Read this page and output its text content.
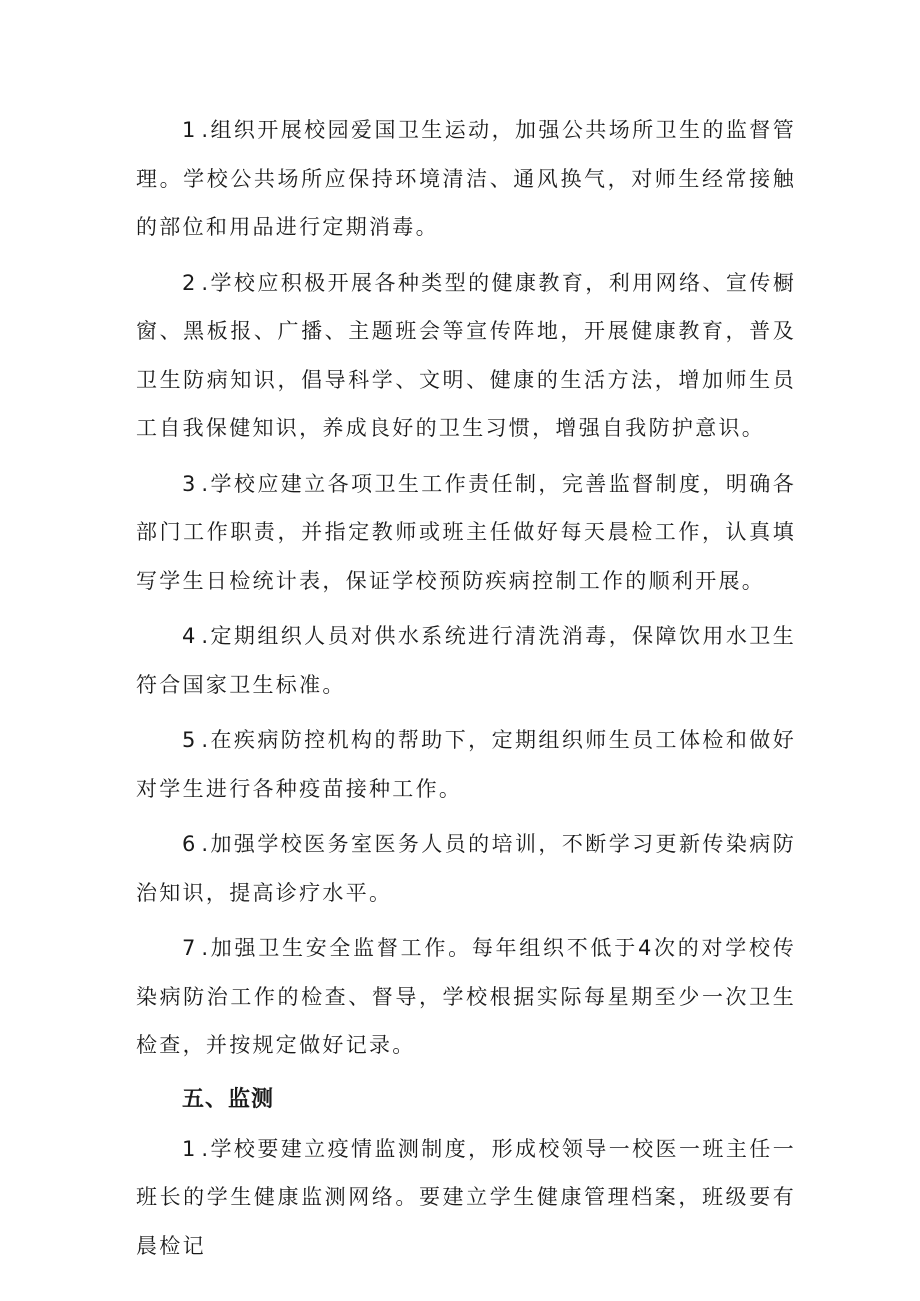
1.组织开展校园爱国卫生运动，加强公共场所卫生的监督管理。学校公共场所应保持环境清洁、通风换气，对师生经常接触的部位和用品进行定期消毒。

2.学校应积极开展各种类型的健康教育，利用网络、宣传橱窗、黑板报、广播、主题班会等宣传阵地，开展健康教育，普及卫生防病知识，倡导科学、文明、健康的生活方法，增加师生员工自我保健知识，养成良好的卫生习惯，增强自我防护意识。

3.学校应建立各项卫生工作责任制，完善监督制度，明确各部门工作职责，并指定教师或班主任做好每天晨检工作，认真填写学生日检统计表，保证学校预防疾病控制工作的顺利开展。

4.定期组织人员对供水系统进行清洗消毒，保障饮用水卫生符合国家卫生标准。

5.在疾病防控机构的帮助下，定期组织师生员工体检和做好对学生进行各种疫苗接种工作。

6.加强学校医务室医务人员的培训，不断学习更新传染病防治知识，提高诊疗水平。

7.加强卫生安全监督工作。每年组织不低于4次的对学校传染病防治工作的检查、督导，学校根据实际每星期至少一次卫生检查，并按规定做好记录。

五、监测

1.学校要建立疫情监测制度，形成校领导一校医一班主任一班长的学生健康监测网络。要建立学生健康管理档案，班级要有晨检记
